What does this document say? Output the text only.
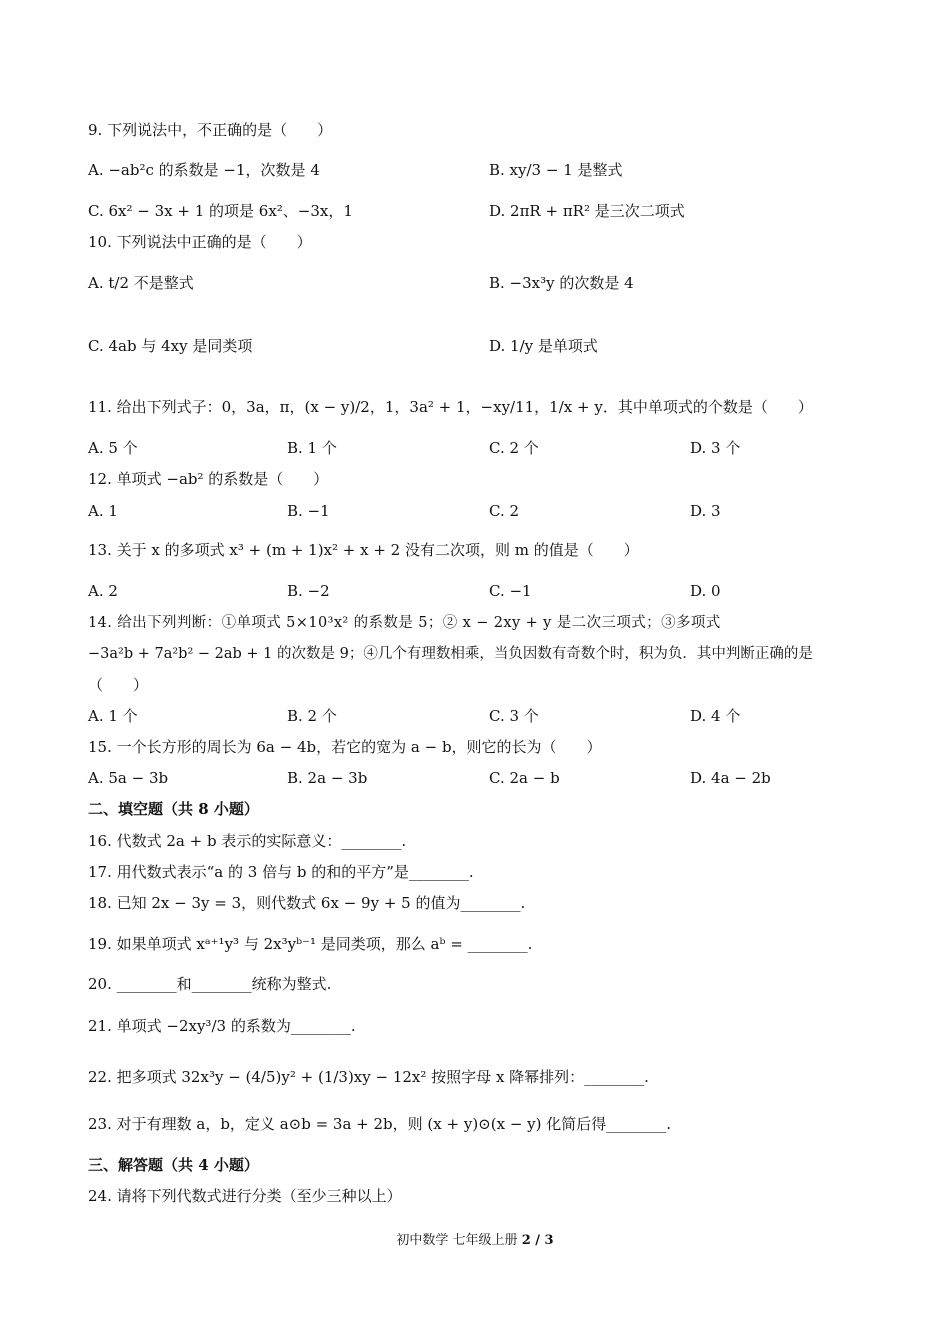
9. 下列说法中，不正确的是（　　）
A. −ab²c 的系数是 −1，次数是 4	B. xy/3 − 1 是整式
C. 6x² − 3x + 1 的项是 6x²、−3x，1	D. 2πR + πR² 是三次二项式
10. 下列说法中正确的是（　　）
A. t/2 不是整式	B. −3x³y 的次数是 4
C. 4ab 与 4xy 是同类项	D. 1/y 是单项式
11. 给出下列式子：0，3a，π，(x − y)/2，1，3a² + 1，−xy/11，1/x + y．其中单项式的个数是（　　）
A. 5 个	B. 1 个	C. 2 个	D. 3 个
12. 单项式 −ab² 的系数是（　　）
A. 1	B. −1	C. 2	D. 3
13. 关于 x 的多项式 x³ + (m + 1)x² + x + 2 没有二次项，则 m 的值是（　　）
A. 2	B. −2	C. −1	D. 0
14. 给出下列判断：①单项式 5×10³x² 的系数是 5；② x − 2xy + y 是二次三项式；③多项式
−3a²b + 7a²b² − 2ab + 1 的次数是 9；④几个有理数相乘，当负因数有奇数个时，积为负．其中判断正确的是
（　　）
A. 1 个	B. 2 个	C. 3 个	D. 4 个
15. 一个长方形的周长为 6a − 4b，若它的宽为 a − b，则它的长为（　　）
A. 5a − 3b	B. 2a − 3b	C. 2a − b	D. 4a − 2b
二、填空题（共 8 小题）
16. 代数式 2a + b 表示的实际意义：________.
17. 用代数式表示“a 的 3 倍与 b 的和的平方”是________.
18. 已知 2x − 3y = 3，则代数式 6x − 9y + 5 的值为________.
19. 如果单项式 xᵃ⁺¹y³ 与 2x³yᵇ⁻¹ 是同类项，那么 aᵇ = ________.
20. ________和________统称为整式.
21. 单项式 −2xy³/3 的系数为________.
22. 把多项式 32x³y − (4/5)y² + (1/3)xy − 12x² 按照字母 x 降幂排列：________.
23. 对于有理数 a，b，定义 a⊙b = 3a + 2b，则 (x + y)⊙(x − y) 化简后得________.
三、解答题（共 4 小题）
24. 请将下列代数式进行分类（至少三种以上）
初中数学 七年级上册 2 / 3
